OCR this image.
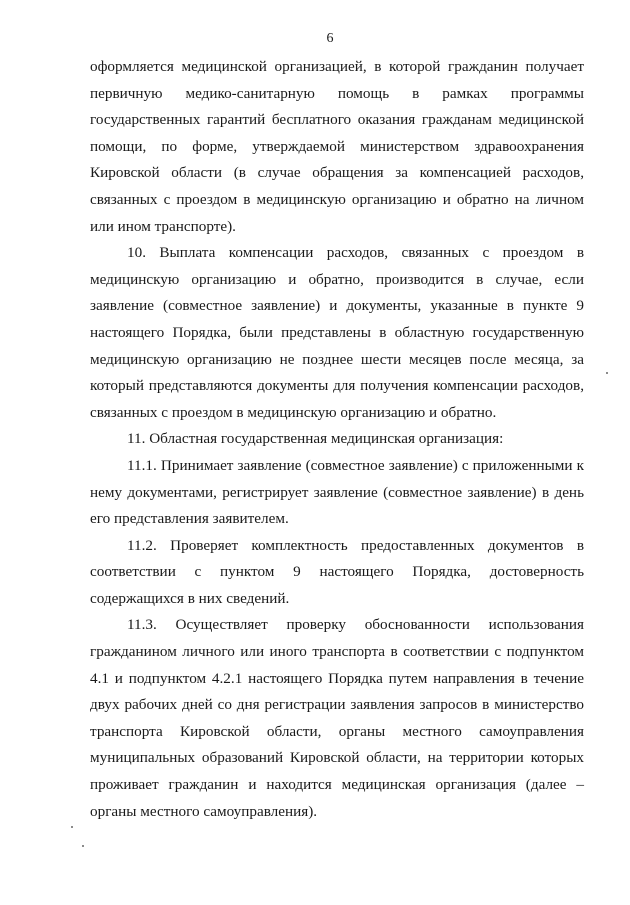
6

оформляется медицинской организацией, в которой гражданин получает первичную медико-санитарную помощь в рамках программы государственных гарантий бесплатного оказания гражданам медицинской помощи, по форме, утверждаемой министерством здравоохранения Кировской области (в случае обращения за компенсацией расходов, связанных с проездом в медицинскую организацию и обратно на личном или ином транспорте).

10. Выплата компенсации расходов, связанных с проездом в медицинскую организацию и обратно, производится в случае, если заявление (совместное заявление) и документы, указанные в пункте 9 настоящего Порядка, были представлены в областную государственную медицинскую организацию не позднее шести месяцев после месяца, за который представляются документы для получения компенсации расходов, связанных с проездом в медицинскую организацию и обратно.

11. Областная государственная медицинская организация:

11.1. Принимает заявление (совместное заявление) с приложенными к нему документами, регистрирует заявление (совместное заявление) в день его представления заявителем.

11.2. Проверяет комплектность предоставленных документов в соответствии с пунктом 9 настоящего Порядка, достоверность содержащихся в них сведений.

11.3. Осуществляет проверку обоснованности использования гражданином личного или иного транспорта в соответствии с подпунктом 4.1 и подпунктом 4.2.1 настоящего Порядка путем направления в течение двух рабочих дней со дня регистрации заявления запросов в министерство транспорта Кировской области, органы местного самоуправления муниципальных образований Кировской области, на территории которых проживает гражданин и находится медицинская организация (далее – органы местного самоуправления).
